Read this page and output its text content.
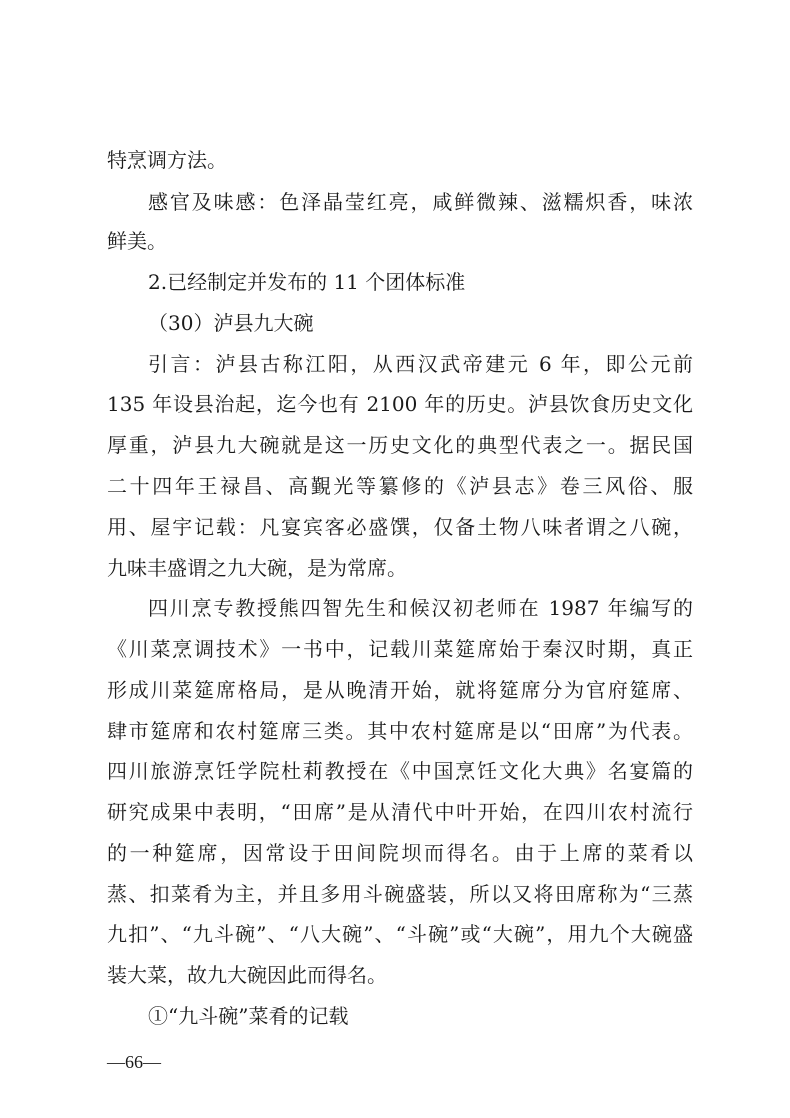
特烹调方法。
感官及味感：色泽晶莹红亮，咸鲜微辣、滋糯炽香，味浓
鲜美。
2.已经制定并发布的 11 个团体标准
（30）泸县九大碗
引言：泸县古称江阳，从西汉武帝建元 6 年，即公元前
135 年设县治起，迄今也有 2100 年的历史。泸县饮食历史文化
厚重，泸县九大碗就是这一历史文化的典型代表之一。据民国
二十四年王禄昌、高覲光等纂修的《泸县志》卷三风俗、服
用、屋宇记载：凡宴宾客必盛馔，仅备土物八味者谓之八碗，
九味丰盛谓之九大碗，是为常席。
四川烹专教授熊四智先生和候汉初老师在 1987 年编写的
《川菜烹调技术》一书中，记载川菜筵席始于秦汉时期，真正
形成川菜筵席格局，是从晚清开始，就将筵席分为官府筵席、
肆市筵席和农村筵席三类。其中农村筵席是以“田席”为代表。
四川旅游烹饪学院杜莉教授在《中国烹饪文化大典》名宴篇的
研究成果中表明，“田席”是从清代中叶开始，在四川农村流行
的一种筵席，因常设于田间院坝而得名。由于上席的菜肴以
蒸、扣菜肴为主，并且多用斗碗盛装，所以又将田席称为“三蒸
九扣”、“九斗碗”、“八大碗”、“斗碗”或“大碗”，用九个大碗盛
装大菜，故九大碗因此而得名。
①“九斗碗”菜肴的记载
—66—
